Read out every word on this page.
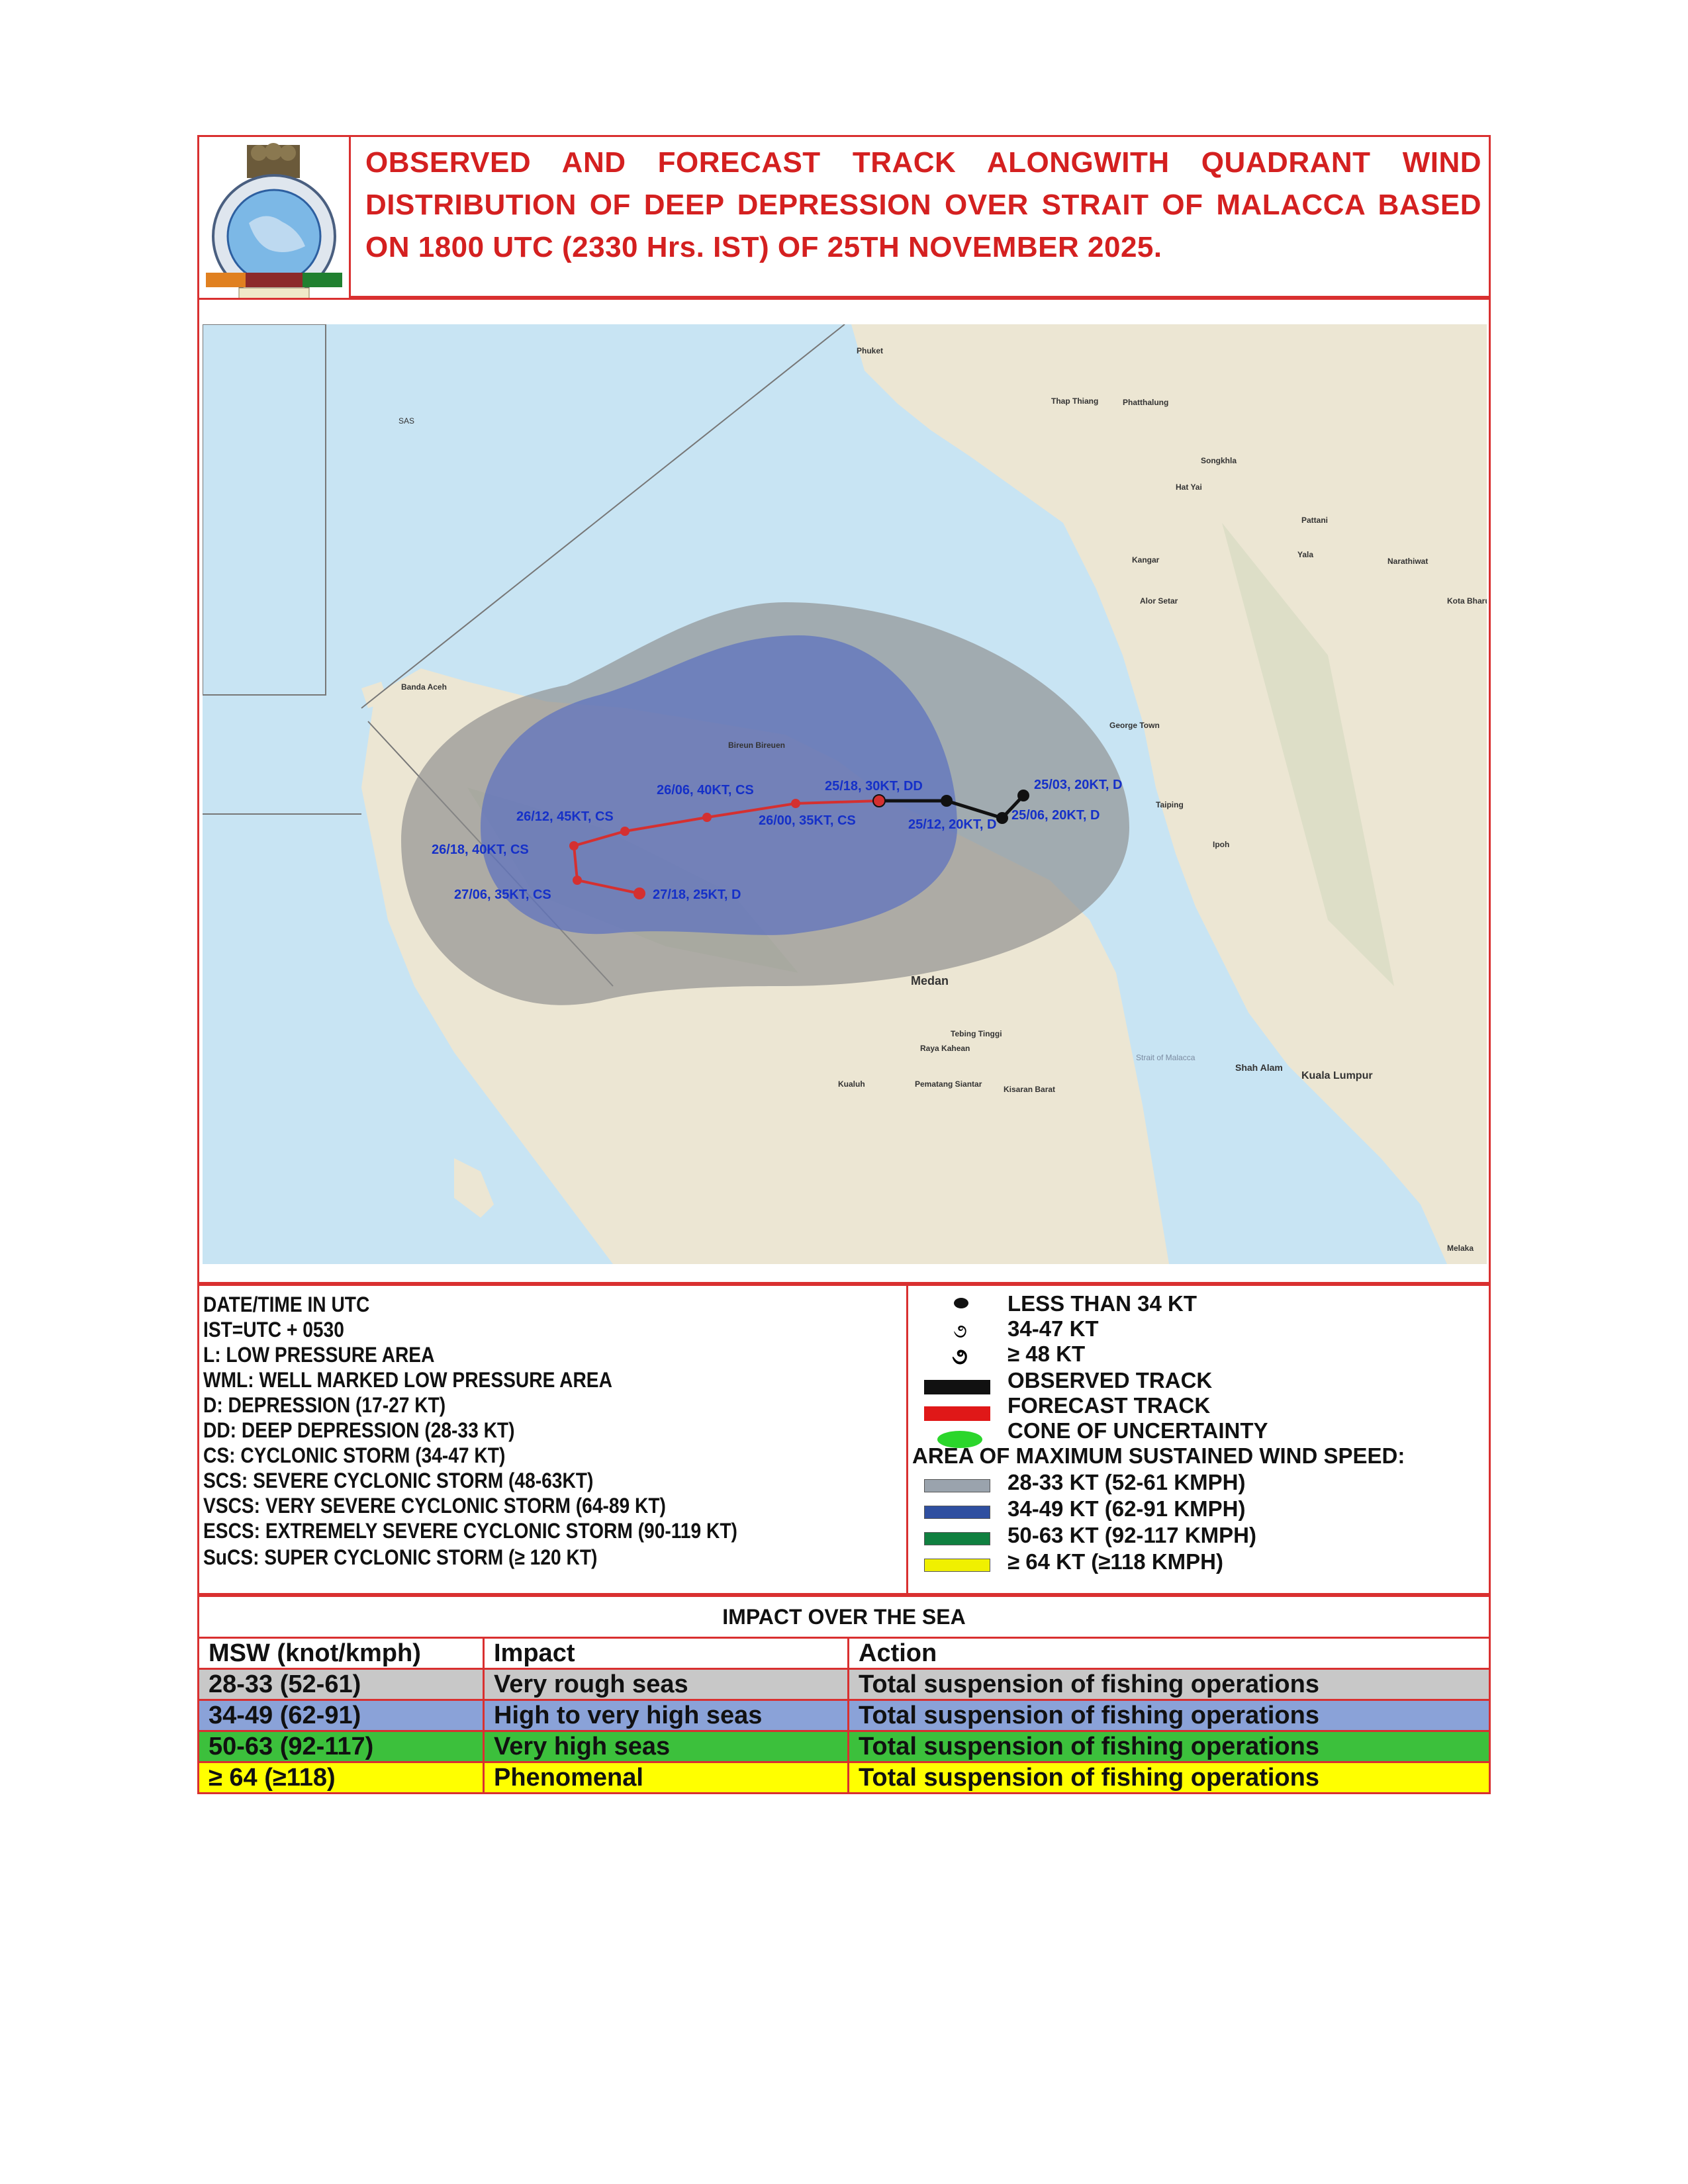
OBSERVED AND FORECAST TRACK ALONGWITH QUADRANT WIND DISTRIBUTION OF DEEP DEPRESSION OVER STRAIT OF MALACCA BASED ON 1800 UTC (2330 Hrs. IST) OF 25TH NOVEMBER 2025.
25/03, 20KT, D
25/06, 20KT, D
25/12, 20KT, D
25/18, 30KT, DD
26/00, 35KT, CS
26/06, 40KT, CS
26/12, 45KT, CS
26/18, 40KT, CS
27/06, 35KT, CS	27/18, 25KT, D
Phuket
Thap Thiang	Phatthalung
Songkhla
Hat Yai
Pattani
Yala
Narathiwat
Kota Bharu
Kangar
Alor Setar
George Town
Banda Aceh
Bireun Bireuen
Medan
Shah Alam
Kuala Lumpur
Kisaran Barat
Raya Kahean
Tebing Tinggi
Pematang Siantar
Kualuh
Taiping
Ipoh
Strait of Malacca
SAS
Melaka
DATE/TIME IN UTC
IST=UTC + 0530
L: LOW PRESSURE AREA
WML: WELL MARKED LOW PRESSURE AREA
D: DEPRESSION (17-27 KT)
DD: DEEP DEPRESSION (28-33 KT)
CS: CYCLONIC STORM (34-47 KT)
SCS: SEVERE CYCLONIC STORM (48-63KT)
VSCS: VERY SEVERE CYCLONIC STORM (64-89 KT)
ESCS: EXTREMELY SEVERE CYCLONIC STORM (90-119 KT)
SuCS: SUPER CYCLONIC STORM (≥ 120 KT)
૭
૭
LESS THAN 34 KT
34-47 KT
≥ 48 KT
OBSERVED TRACK
FORECAST TRACK
CONE OF UNCERTAINTY
AREA OF MAXIMUM SUSTAINED WIND SPEED:
28-33 KT (52-61 KMPH)
34-49 KT (62-91 KMPH)
50-63 KT (92-117 KMPH)
≥ 64 KT (≥118 KMPH)
IMPACT OVER THE SEA		
MSW (knot/kmph)	Impact	Action
28-33 (52-61)	Very rough seas	Total suspension of fishing operations
34-49 (62-91)	High to very high seas	Total suspension of fishing operations
50-63 (92-117)	Very high seas	Total suspension of fishing operations
≥ 64 (≥118)	Phenomenal	Total suspension of fishing operations
